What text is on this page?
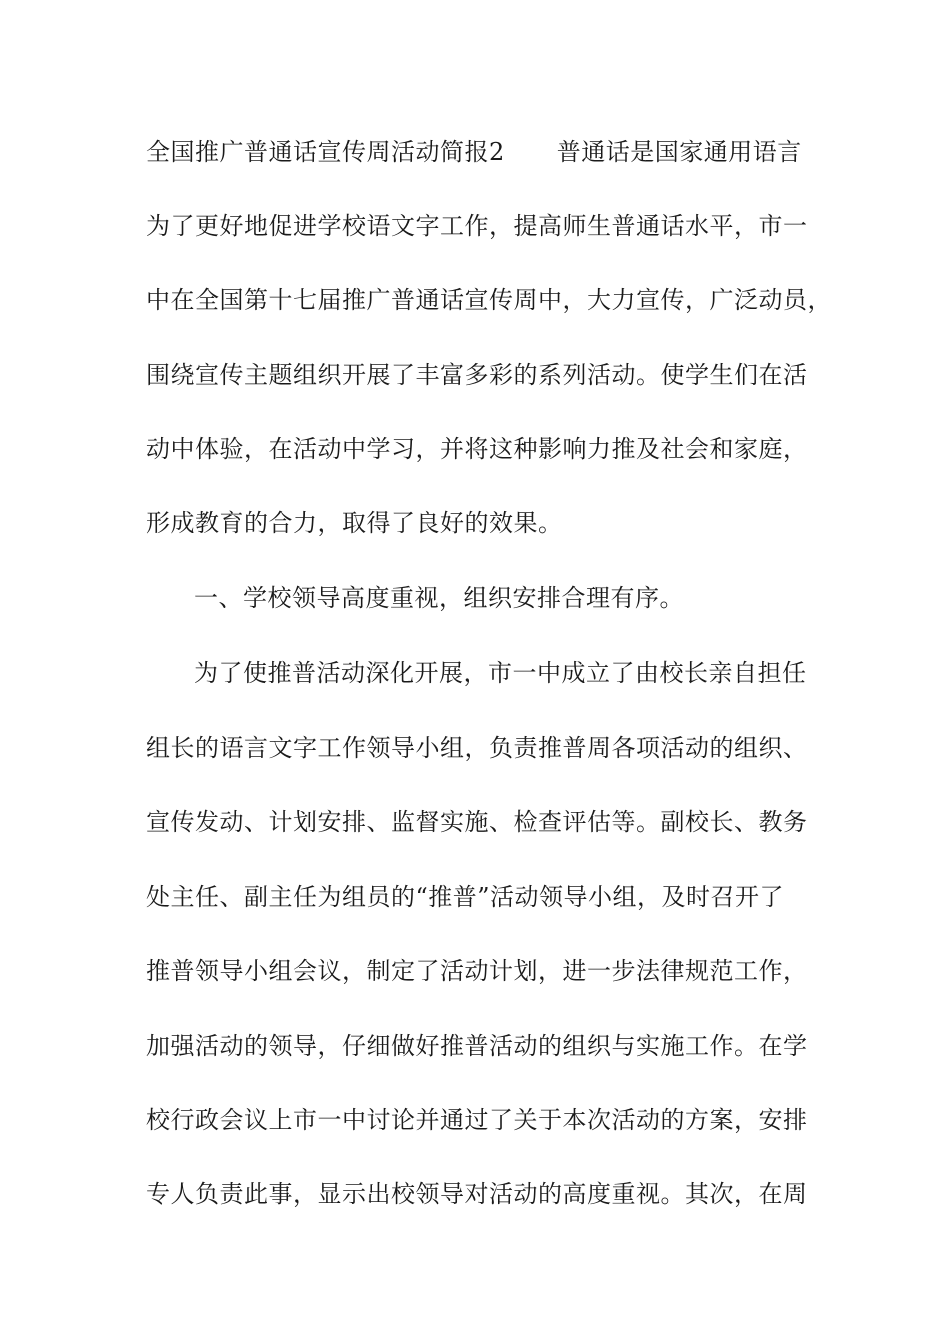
全国推广普通话宣传周活动简报2 普通话是国家通用语言
为了更好地促进学校语文字工作，提高师生普通话水平，市一
中在全国第十七届推广普通话宣传周中，大力宣传，广泛动员，
围绕宣传主题组织开展了丰富多彩的系列活动。使学生们在活
动中体验，在活动中学习，并将这种影响力推及社会和家庭，
形成教育的合力，取得了良好的效果。
一、学校领导高度重视，组织安排合理有序。
为了使推普活动深化开展，市一中成立了由校长亲自担任
组长的语言文字工作领导小组，负责推普周各项活动的组织、
宣传发动、计划安排、监督实施、检查评估等。副校长、教务
处主任、副主任为组员的“推普”活动领导小组，及时召开了
推普领导小组会议，制定了活动计划，进一步法律规范工作，
加强活动的领导，仔细做好推普活动的组织与实施工作。在学
校行政会议上市一中讨论并通过了关于本次活动的方案，安排
专人负责此事，显示出校领导对活动的高度重视。其次，在周
